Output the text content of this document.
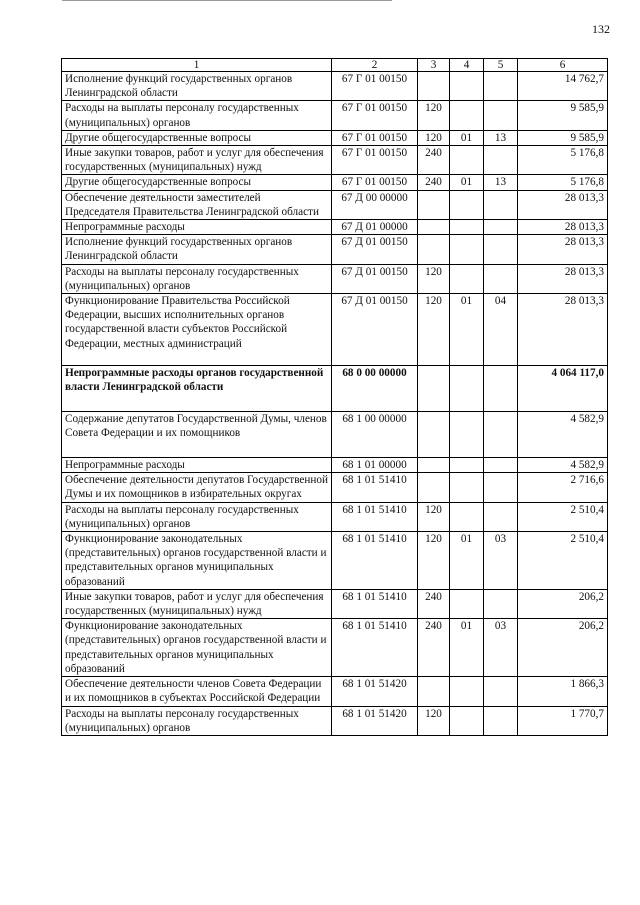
132
1	2	3	4	5	6
Исполнение функций государственных органов Ленинградской области	67 Г 01 00150				14 762,7
Расходы на выплаты персоналу государственных (муниципальных) органов	67 Г 01 00150	120			9 585,9
Другие общегосударственные вопросы	67 Г 01 00150	120	01	13	9 585,9
Иные закупки товаров, работ и услуг для обеспечения государственных (муниципальных) нужд	67 Г 01 00150	240			5 176,8
Другие общегосударственные вопросы	67 Г 01 00150	240	01	13	5 176,8
Обеспечение деятельности заместителей Председателя Правительства Ленинградской области	67 Д 00 00000				28 013,3
Непрограммные расходы	67 Д 01 00000				28 013,3
Исполнение функций государственных органов Ленинградской области	67 Д 01 00150				28 013,3
Расходы на выплаты персоналу государственных (муниципальных) органов	67 Д 01 00150	120			28 013,3
Функционирование Правительства Российской Федерации, высших исполнительных органов государственной власти субъектов Российской Федерации, местных администраций	67 Д 01 00150	120	01	04	28 013,3
Непрограммные расходы органов государственной власти Ленинградской области	68 0 00 00000				4 064 117,0
Содержание депутатов Государственной Думы, членов Совета Федерации и их помощников	68 1 00 00000				4 582,9
Непрограммные расходы	68 1 01 00000				4 582,9
Обеспечение деятельности депутатов Государственной Думы и их помощников в избирательных округах	68 1 01 51410				2 716,6
Расходы на выплаты персоналу государственных (муниципальных) органов	68 1 01 51410	120			2 510,4
Функционирование законодательных (представительных) органов государственной власти и представительных органов муниципальных образований	68 1 01 51410	120	01	03	2 510,4
Иные закупки товаров, работ и услуг для обеспечения государственных (муниципальных) нужд	68 1 01 51410	240			206,2
Функционирование законодательных (представительных) органов государственной власти и представительных органов муниципальных образований	68 1 01 51410	240	01	03	206,2
Обеспечение деятельности членов Совета Федерации и их помощников в субъектах Российской Федерации	68 1 01 51420				1 866,3
Расходы на выплаты персоналу государственных (муниципальных) органов	68 1 01 51420	120			1 770,7
